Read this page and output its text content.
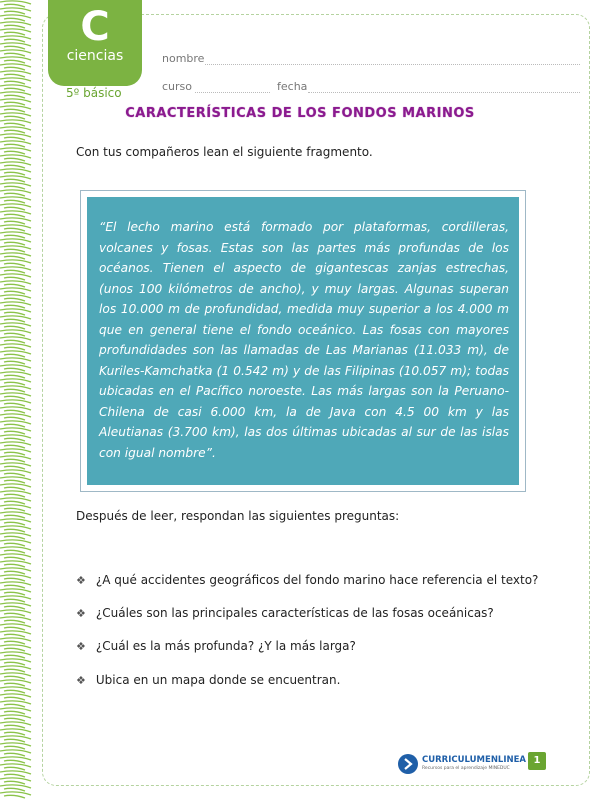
C
ciencias
5º básico
nombre
curso	fecha
CARACTERÍSTICAS DE LOS FONDOS MARINOS
Con tus compañeros lean el siguiente fragmento.

“El lecho marino está formado por plataformas, cordilleras, volcanes y fosas. Estas son las partes más profundas de los océanos. Tienen el aspecto de gigantescas zanjas estrechas, (unos 100 kilómetros de ancho), y muy largas. Algunas superan los 10.000 m de profundidad, medida muy superior a los 4.000 m que en general tiene el fondo oceánico. Las fosas con mayores profundidades son las llamadas de Las Marianas (11.033 m), de Kuriles-Kamchatka (1 0.542 m) y de las Filipinas (10.057 m); todas ubicadas en el Pacífico noroeste. Las más largas son la Peruano-Chilena de casi 6.000 km, la de Java con 4.5 00 km y las Aleutianas (3.700 km), las dos últimas ubicadas al sur de las islas con igual nombre”.

Después de leer, respondan las siguientes preguntas:
❖ ¿A qué accidentes geográficos del fondo marino hace referencia el texto?
❖ ¿Cuáles son las principales características de las fosas oceánicas?
❖ ¿Cuál es la más profunda? ¿Y la más larga?
❖ Ubica en un mapa donde se encuentran.
CURRICULUMENLINEA
Recursos para el aprendizaje MINEDUC
1
